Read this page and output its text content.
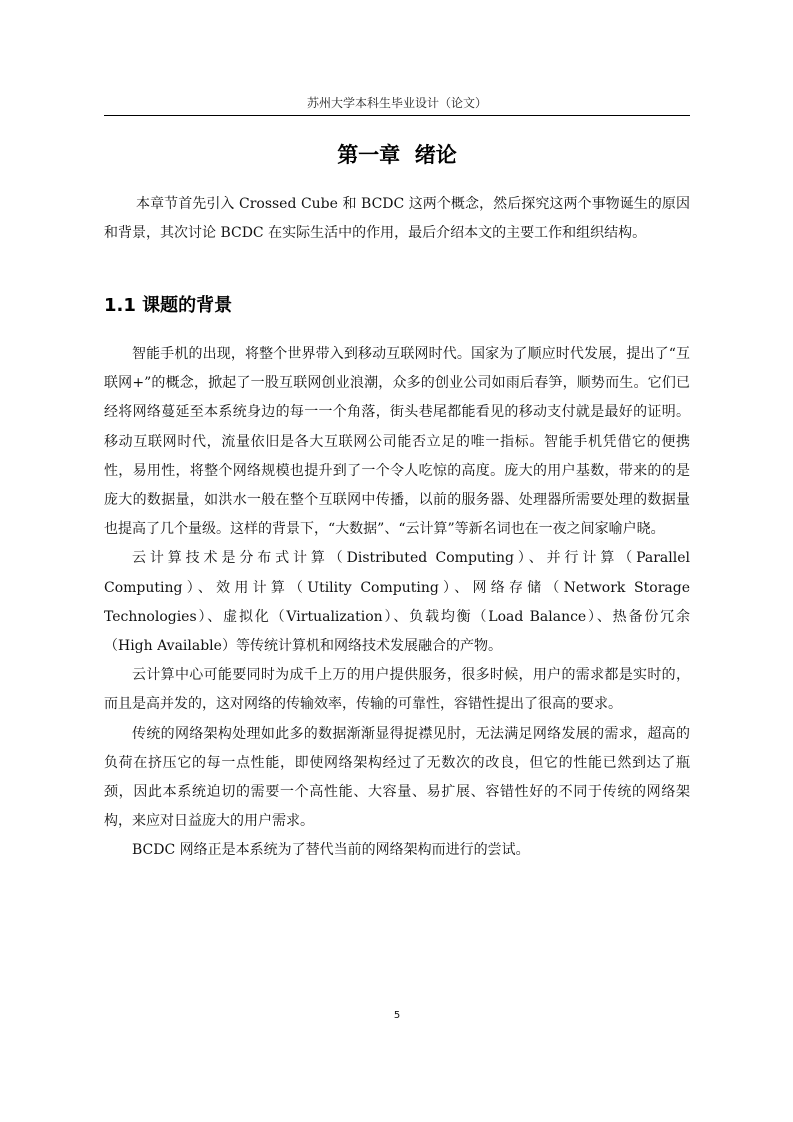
苏州大学本科生毕业设计（论文）
第一章  绪论

本章节首先引入 Crossed Cube 和 BCDC 这两个概念，然后探究这两个事物诞生的原因和背景，其次讨论 BCDC 在实际生活中的作用，最后介绍本文的主要工作和组织结构。

1.1 课题的背景

智能手机的出现，将整个世界带入到移动互联网时代。国家为了顺应时代发展，提出了“互联网+”的概念，掀起了一股互联网创业浪潮，众多的创业公司如雨后春笋，顺势而生。它们已经将网络蔓延至本系统身边的每一一个角落，街头巷尾都能看见的移动支付就是最好的证明。移动互联网时代，流量依旧是各大互联网公司能否立足的唯一指标。智能手机凭借它的便携性，易用性，将整个网络规模也提升到了一个令人吃惊的高度。庞大的用户基数，带来的的是庞大的数据量，如洪水一般在整个互联网中传播，以前的服务器、处理器所需要处理的数据量也提高了几个量级。这样的背景下，“大数据”、“云计算”等新名词也在一夜之间家喻户晓。

云计算技术是分布式计算（Distributed Computing）、并行计算（Parallel Computing）、效用计算（Utility Computing）、网络存储（Network Storage Technologies）、虚拟化（Virtualization）、负载均衡（Load Balance）、热备份冗余（High Available）等传统计算机和网络技术发展融合的产物。

云计算中心可能要同时为成千上万的用户提供服务，很多时候，用户的需求都是实时的，而且是高并发的，这对网络的传输效率，传输的可靠性，容错性提出了很高的要求。

传统的网络架构处理如此多的数据渐渐显得捉襟见肘，无法满足网络发展的需求，超高的负荷在挤压它的每一点性能，即使网络架构经过了无数次的改良，但它的性能已然到达了瓶颈，因此本系统迫切的需要一个高性能、大容量、易扩展、容错性好的不同于传统的网络架构，来应对日益庞大的用户需求。

BCDC 网络正是本系统为了替代当前的网络架构而进行的尝试。

5
